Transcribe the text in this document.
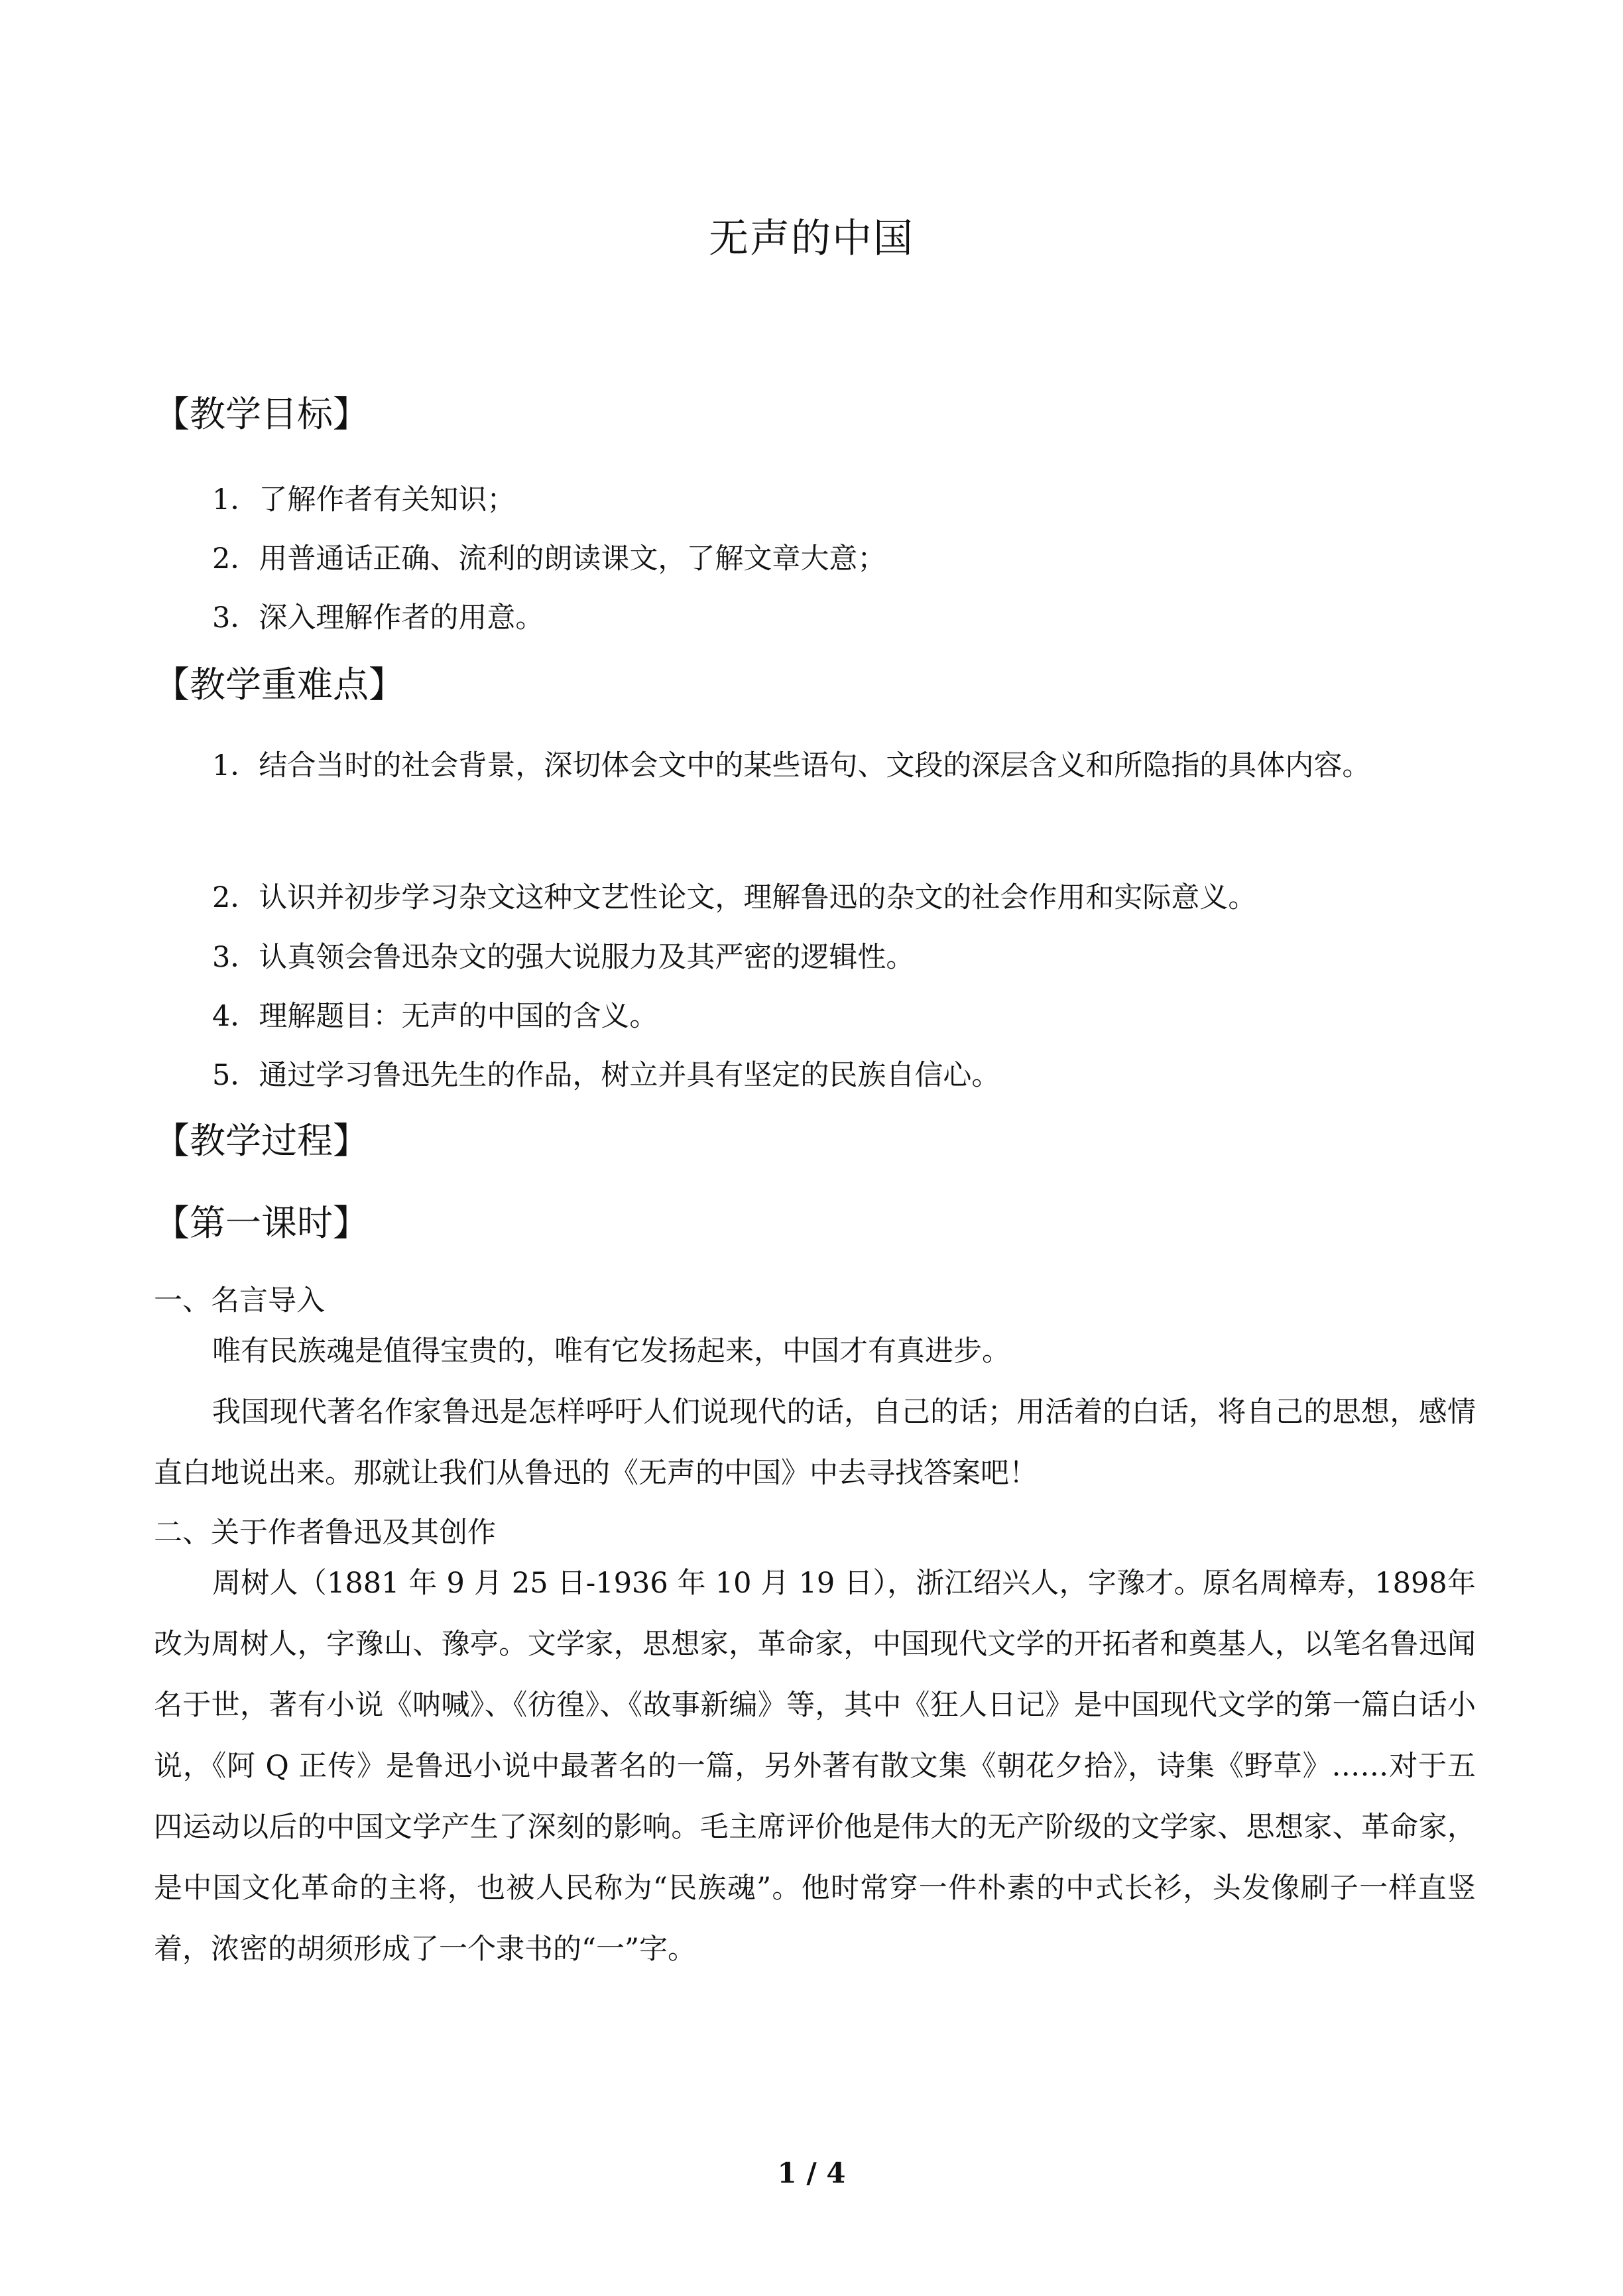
无声的中国
【教学目标】
1．了解作者有关知识；
2．用普通话正确、流利的朗读课文，了解文章大意；
3．深入理解作者的用意。
【教学重难点】

1．结合当时的社会背景，深切体会文中的某些语句、文段的深层含义和所隐指的具体内容。

2．认识并初步学习杂文这种文艺性论文，理解鲁迅的杂文的社会作用和实际意义。
3．认真领会鲁迅杂文的强大说服力及其严密的逻辑性。
4．理解题目：无声的中国的含义。
5．通过学习鲁迅先生的作品，树立并具有坚定的民族自信心。
【教学过程】
【第一课时】
一、名言导入

唯有民族魂是值得宝贵的，唯有它发扬起来，中国才有真进步。

我国现代著名作家鲁迅是怎样呼吁人们说现代的话，自己的话；用活着的白话，将自己的思想，感情直白地说出来。那就让我们从鲁迅的《无声的中国》中去寻找答案吧！

二、关于作者鲁迅及其创作

周树人（1881 年 9 月 25 日-1936 年 10 月 19 日），浙江绍兴人，字豫才。原名周樟寿，1898年改为周树人，字豫山、豫亭。文学家，思想家，革命家，中国现代文学的开拓者和奠基人，以笔名鲁迅闻名于世，著有小说《呐喊》、《彷徨》、《故事新编》等，其中《狂人日记》是中国现代文学的第一篇白话小说，《阿 Q 正传》是鲁迅小说中最著名的一篇，另外著有散文集《朝花夕拾》，诗集《野草》……对于五四运动以后的中国文学产生了深刻的影响。毛主席评价他是伟大的无产阶级的文学家、思想家、革命家，是中国文化革命的主将，也被人民称为“民族魂”。他时常穿一件朴素的中式长衫，头发像刷子一样直竖着，浓密的胡须形成了一个隶书的“一”字。

1 / 4
